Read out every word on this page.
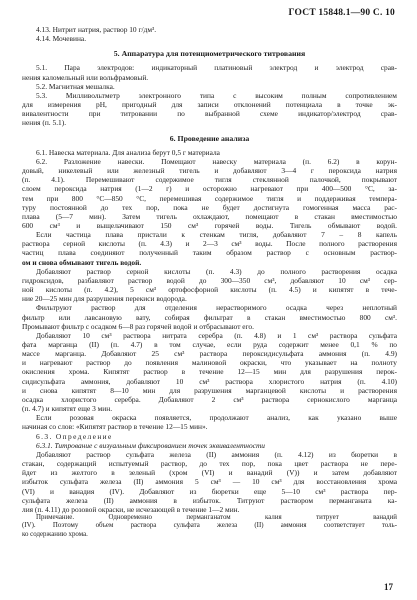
ГОСТ 15848.1—90 С. 10
4.13. Нитрит натрия, раствор 10 г/дм³.
4.14. Мочевина.
5. Аппаратура для потенциометрического титрования
5.1. Пара электродов: индикаторный платиновый электрод и электрод срав-
нения каломельный или вольфрамовый.
5.2. Магнитная мешалка.
5.3. Милливольтметр электронного типа с высоким полным сопротивлением
для измерения pH, пригодный для записи отклонений потенциала в точке эк-
вивалентности при титровании по выбранной схеме индикатор/электрод срав-
нения (п. 5.1).
6. Проведение анализа
6.1. Навеска материала. Для анализа берут 0,5 г материала
6.2. Разложение навески. Помещают навеску материала (п. 6.2) в корун-
довый, никелевый или железный тигель и добавляют 3—4 г пероксида натрия
(п. 4.1). Перемешивают содержимое тигля стеклянной палочкой, покрывают
слоем пероксида натрия (1—2 г) и осторожно нагревают при 400—500 °С, за-
тем при 800 °С—850 °С, перемешивая содержимое тигля и поддерживая темпера-
туру постоянной до тех пор, пока не будет достигнута гомогенная масса рас-
плава (5—7 мин). Затем тигель охлаждают, помещают в стакан вместимостью
600 см³ и выщелачивают 150 см³ горячей воды. Тигель обмывают водой.
Если частица плава пристали к стенкам тигля, добавляют 7 – 8 капель
раствора серной кислоты (п. 4.3) и 2—3 см³ воды. После полного растворения
частиц плава соединяют полученный таким образом раствор с основным раствор-
ом и снова обмывают тигель водой.
Добавляют раствор серной кислоты (п. 4.3) до полного растворения осадка
гидроксидов, разбавляют раствор водой до 300—350 см³, добавляют 10 см³ сер-
ной кислоты (п. 4.2), 5 см³ ортофосфорной кислоты (п. 4.5) и кипятят в тече-
ние 20—25 мин для разрушения перекиси водорода.
Фильтруют раствор для отделения нерастворимого осадка через неплотный
фильтр или лавсановую вату, собирая фильтрат в стакан вместимостью 800 см³.
Промывают фильтр с осадком 6—8 раз горячей водой и отбрасывают его.
Добавляют 10 см³ раствора нитрата серебра (п. 4.8) и 1 см³ раствора сульфата
фата марганца (II) (п. 4.7) в том случае, если руда содержит менее 0,1 % по
массе марганца. Добавляют 25 см³ раствора пероксидисульфата аммония (п. 4.9)
и нагревают раствор до появления малиновой окраски, что указывает на полноту
окисления хрома. Кипятят раствор в течение 12—15 мин для разрушения перок-
сидисульфата аммония, добавляют 10 см³ раствора хлористого натрия (п. 4.10)
и снова кипятят 8—10 мин для разрушения марганцевой кислоты и растворения
осадка хлористого серебра. Добавляют 2 см³ раствора сернокислого марганца
(п. 4.7) и кипятят еще 3 мин.
Если розовая окраска появляется, продолжают анализ, как указано выше
начиная со слов: «Кипятят раствор в течение 12—15 мин».
6.3. Определение
6.3.1. Титрование с визуальным фиксированием точек эквивалентности
Добавляют раствор сульфата железа (II) аммония (п. 4.12) из бюретки в
стакан, содержащий испытуемый раствор, до тех пор, пока цвет раствора не пере-
йдет из желтого в зеленый (хром (VI) и ванадий (V)) и затем добавляют
избыток сульфата железа (II) аммония 5 см³ — 10 см³ для восстановления хрома
(VI) и ванадия (IV). Добавляют из бюретки еще 5—10 см³ раствора пер-
сульфата железа (II) аммония в избыток. Титруют раствором перманганата ка-
лия (п. 4.11) до розовой окраски, не исчезающей в течение 1—2 мин.
Примечание. Одновременно перманганатом калия титрует ванадий
(IV). Поэтому объем раствора сульфата железа (II) аммония соответствует толь-
ко содержанию хрома.
17
